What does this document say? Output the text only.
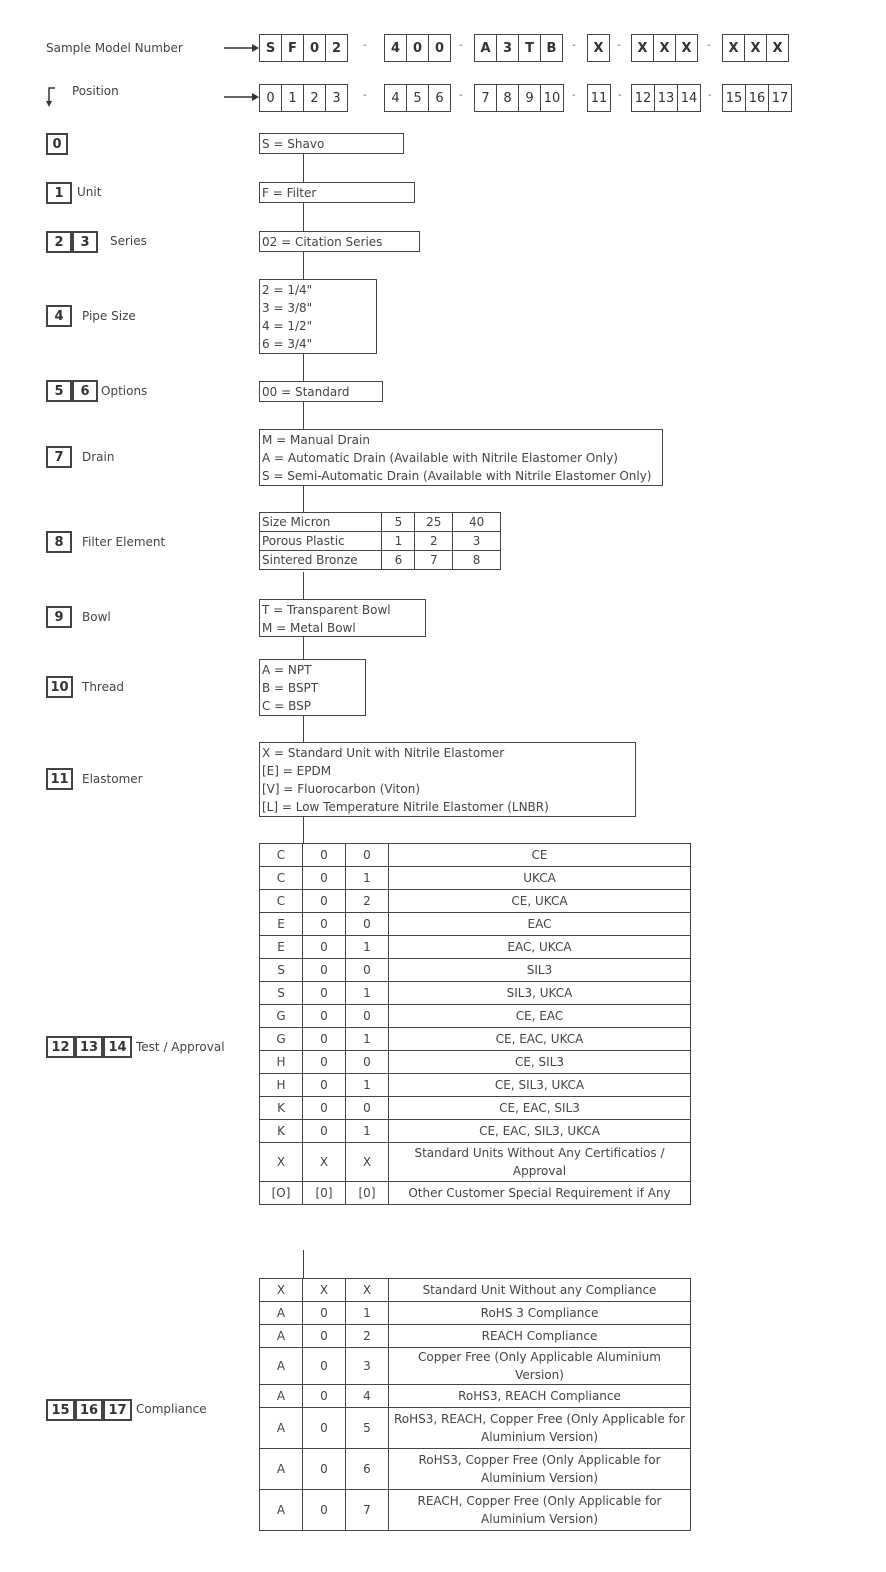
Sample Model Number	S F	0 2	-	4 0 0	-	A 3	T B	-	X	-	X X X	-	X X X
Position	0	1	2	3	-	4	5	6	-	7	8	9 10	- 11	- 12 13 14	- 15 16 17
0	S = Shavo
1	Unit	F = Filter
2	3	Series	02 = Citation Series
4	Pipe Size
2 = 1/4"
3 = 3/8"
4 = 1/2"
6 = 3/4"
5	6 Options	00 = Standard
7	Drain
M = Manual Drain
A = Automatic Drain (Available with Nitrile Elastomer Only)
S = Semi-Automatic Drain (Available with Nitrile Elastomer Only)
8	Filter Element
Size Micron	5	25	40
Porous Plastic	1	2	3
Sintered Bronze	6	7	8
9	Bowl	T = Transparent Bowl
M = Metal Bowl
10	Thread
A = NPT
B = BSPT
C = BSP
11	Elastomer
X = Standard Unit with Nitrile Elastomer
[E] = EPDM
[V] = Fluorocarbon (Viton)
[L] = Low Temperature Nitrile Elastomer (LNBR)
12 13 14 Test / Approval
C	0	0	CE
C	0	1	UKCA
C	0	2	CE, UKCA
E	0	0	EAC
E	0	1	EAC, UKCA
S	0	0	SIL3
S	0	1	SIL3, UKCA
G	0	0	CE, EAC
G	0	1	CE, EAC, UKCA
H	0	0	CE, SIL3
H	0	1	CE, SIL3, UKCA
K	0	0	CE, EAC, SIL3
K	0	1	CE, EAC, SIL3, UKCA
X	X	X	Standard Units Without Any Certificatios / Approval
[O]	[0]	[0]	Other Customer Special Requirement if Any
15 16 17 Compliance
X	X	X	Standard Unit Without any Compliance
A	0	1	RoHS 3 Compliance
A	0	2	REACH Compliance
A	0	3	Copper Free (Only Applicable Aluminium Version)
A	0	4	RoHS3, REACH Compliance
A	0	5	RoHS3, REACH, Copper Free (Only Applicable for Aluminium Version)
A	0	6	RoHS3, Copper Free (Only Applicable for Aluminium Version)
A	0	7	REACH, Copper Free (Only Applicable for Aluminium Version)
